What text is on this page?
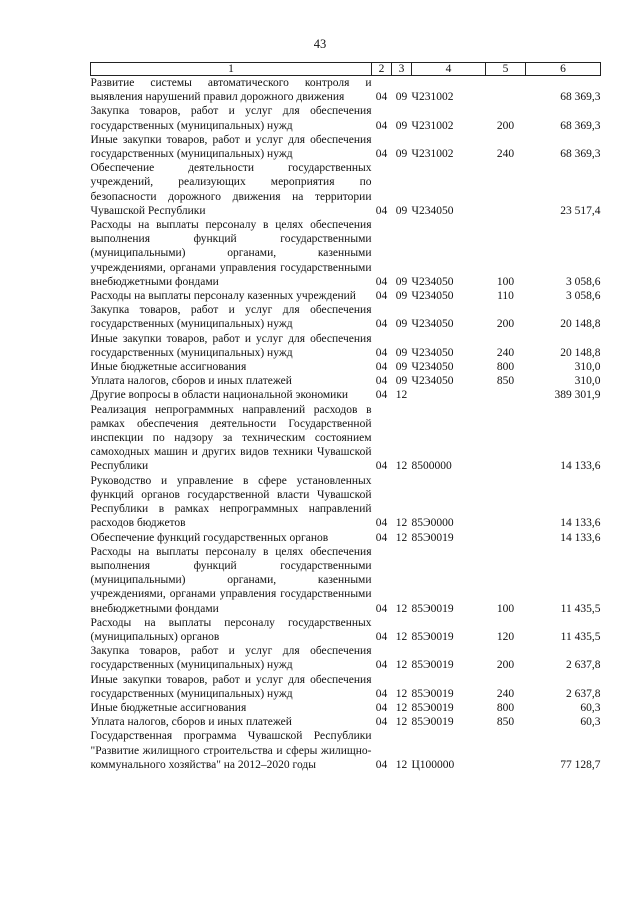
43
1	2	3	4	5	6
Развитие системы автоматического контроля и выявления нарушений правил дорожного движения	04	09	Ч231002		68 369,3
Закупка товаров, работ и услуг для обеспечения государственных (муниципальных) нужд	04	09	Ч231002	200	68 369,3
Иные закупки товаров, работ и услуг для обеспечения государственных (муниципальных) нужд	04	09	Ч231002	240	68 369,3
Обеспечение деятельности государственных учреждений, реализующих мероприятия по безопасности дорожного движения на территории Чувашской Республики	04	09	Ч234050		23 517,4
Расходы на выплаты персоналу в целях обеспечения выполнения функций государственными (муниципальными) органами, казенными учреждениями, органами управления государственными внебюджетными фондами	04	09	Ч234050	100	3 058,6
Расходы на выплаты персоналу казенных учреждений	04	09	Ч234050	110	3 058,6
Закупка товаров, работ и услуг для обеспечения государственных (муниципальных) нужд	04	09	Ч234050	200	20 148,8
Иные закупки товаров, работ и услуг для обеспечения государственных (муниципальных) нужд	04	09	Ч234050	240	20 148,8
Иные бюджетные ассигнования	04	09	Ч234050	800	310,0
Уплата налогов, сборов и иных платежей	04	09	Ч234050	850	310,0
Другие вопросы в области национальной экономики	04	12			389 301,9
Реализация непрограммных направлений расходов в рамках обеспечения деятельности Государственной инспекции по надзору за техническим состоянием самоходных машин и других видов техники Чувашской Республики	04	12	8500000		14 133,6
Руководство и управление в сфере установленных функций органов государственной власти Чувашской Республики в рамках непрограммных направлений расходов бюджетов	04	12	85Э0000		14 133,6
Обеспечение функций государственных органов	04	12	85Э0019		14 133,6
Расходы на выплаты персоналу в целях обеспечения выполнения функций государственными (муниципальными) органами, казенными учреждениями, органами управления государственными внебюджетными фондами	04	12	85Э0019	100	11 435,5
Расходы на выплаты персоналу государственных (муниципальных) органов	04	12	85Э0019	120	11 435,5
Закупка товаров, работ и услуг для обеспечения государственных (муниципальных) нужд	04	12	85Э0019	200	2 637,8
Иные закупки товаров, работ и услуг для обеспечения государственных (муниципальных) нужд	04	12	85Э0019	240	2 637,8
Иные бюджетные ассигнования	04	12	85Э0019	800	60,3
Уплата налогов, сборов и иных платежей	04	12	85Э0019	850	60,3
Государственная программа Чувашской Республики "Развитие жилищного строительства и сферы жилищно-коммунального хозяйства" на 2012–2020 годы	04	12	Ц100000		77 128,7
